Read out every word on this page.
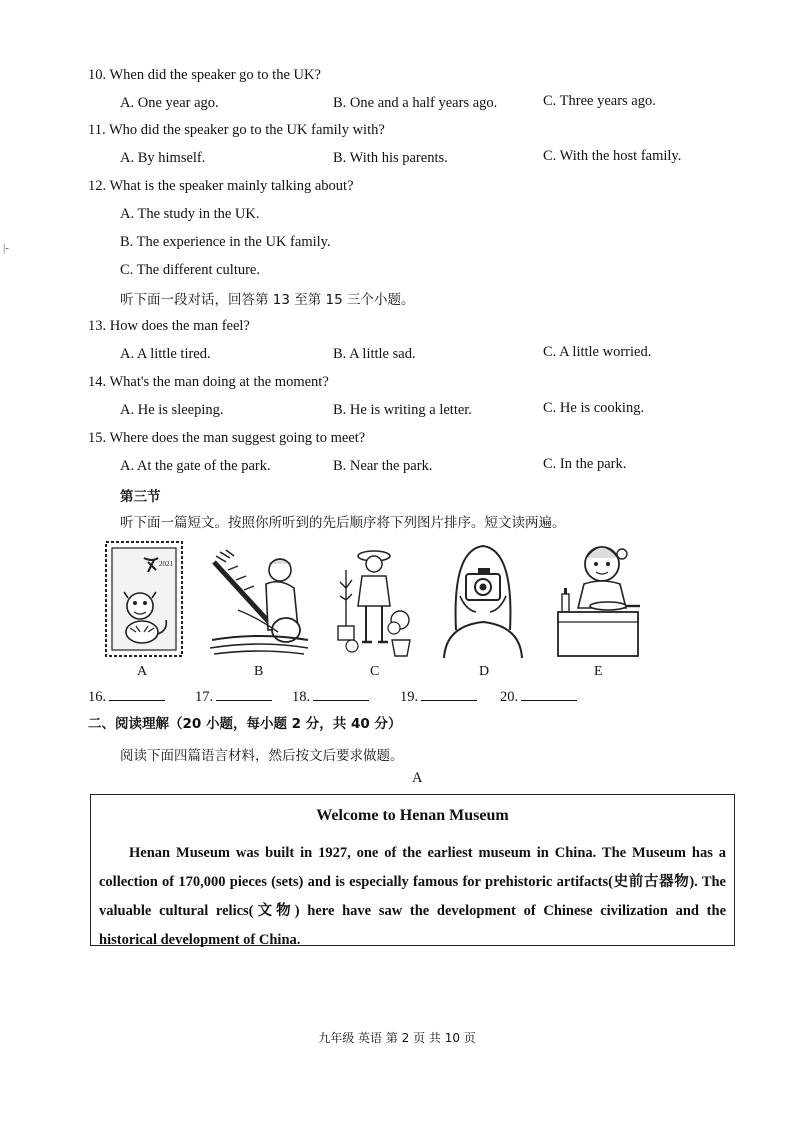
|-
10. When did the speaker go to the UK?
A. One year ago.	B. One and a half years ago.	C. Three years ago.
11. Who did the speaker go to the UK family with?
A. By himself.	B. With his parents.	C. With the host family.
12. What is the speaker mainly talking about?
A. The study in the UK.
B. The experience in the UK family.
C. The different culture.
听下面一段对话，回答第 13 至第 15 三个小题。
13. How does the man feel?
A. A little tired.	B. A little sad.	C. A little worried.
14. What's the man doing at the moment?
A. He is sleeping.	B. He is writing a letter.	C. He is cooking.
15. Where does the man suggest going to meet?
A. At the gate of the park.	B. Near the park.	C. In the park.
第三节
听下面一篇短文。按照你所听到的先后顺序将下列图片排序。短文读两遍。
2021
A	B	C	D	E
16.	17.	18.	19.	20.
二、阅读理解（20 小题，每小题 2 分，共 40 分）
阅读下面四篇语言材料，然后按文后要求做题。
A
Welcome to Henan Museum
Henan Museum was built in 1927, one of the earliest museum in China. The Museum has a collection of 170,000 pieces (sets) and is especially famous for prehistoric artifacts(史前古器物). The valuable cultural relics(文物) here have saw the development of Chinese civilization and the historical development of China.
九年级 英语 第 2 页 共 10 页
